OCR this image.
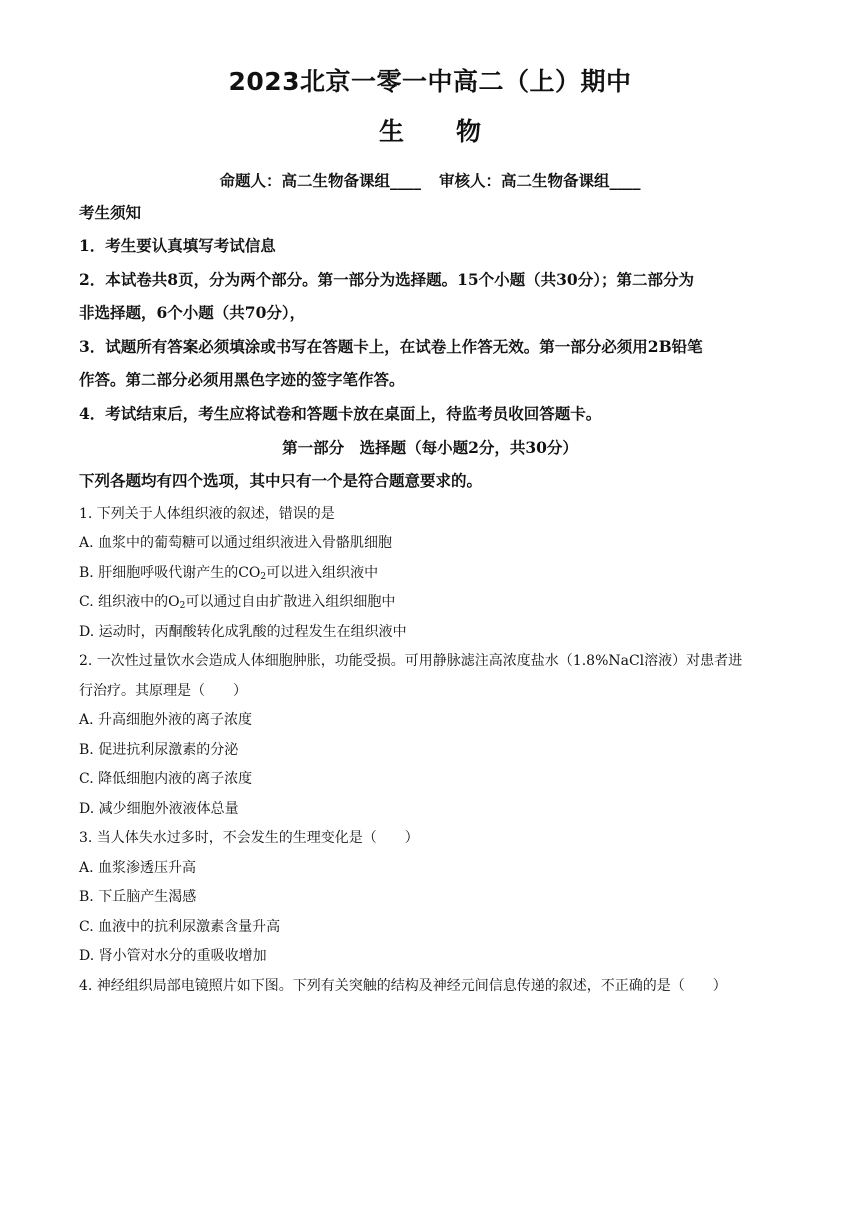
2023北京一零一中高二（上）期中
生 物
命题人：高二生物备课组____ 审核人：高二生物备课组____
考生须知
1．考生要认真填写考试信息
2．本试卷共8页，分为两个部分。第一部分为选择题。15个小题（共30分）；第二部分为
非选择题，6个小题（共70分），
3．试题所有答案必须填涂或书写在答题卡上，在试卷上作答无效。第一部分必须用2B铅笔
作答。第二部分必须用黑色字迹的签字笔作答。
4．考试结束后，考生应将试卷和答题卡放在桌面上，待监考员收回答题卡。
第一部分　选择题（每小题2分，共30分）
下列各题均有四个选项，其中只有一个是符合题意要求的。
1. 下列关于人体组织液的叙述，错误的是
A. 血浆中的葡萄糖可以通过组织液进入骨骼肌细胞
B. 肝细胞呼吸代谢产生的$CO_2$可以进入组织液中
C. 组织液中的$O_2$可以通过自由扩散进入组织细胞中
D. 运动时，丙酮酸转化成乳酸的过程发生在组织液中
2. 一次性过量饮水会造成人体细胞肿胀，功能受损。可用静脉滤注高浓度盐水（1.8%NaCl溶液）对患者进
行治疗。其原理是（　　）
A. 升高细胞外液的离子浓度
B. 促进抗利尿激素的分泌
C. 降低细胞内液的离子浓度
D. 减少细胞外液液体总量
3. 当人体失水过多时，不会发生的生理变化是（　　）
A. 血浆渗透压升高
B. 下丘脑产生渴感
C. 血液中的抗利尿激素含量升高
D. 肾小管对水分的重吸收增加
4. 神经组织局部电镜照片如下图。下列有关突触的结构及神经元间信息传递的叙述，不正确的是（　　）
